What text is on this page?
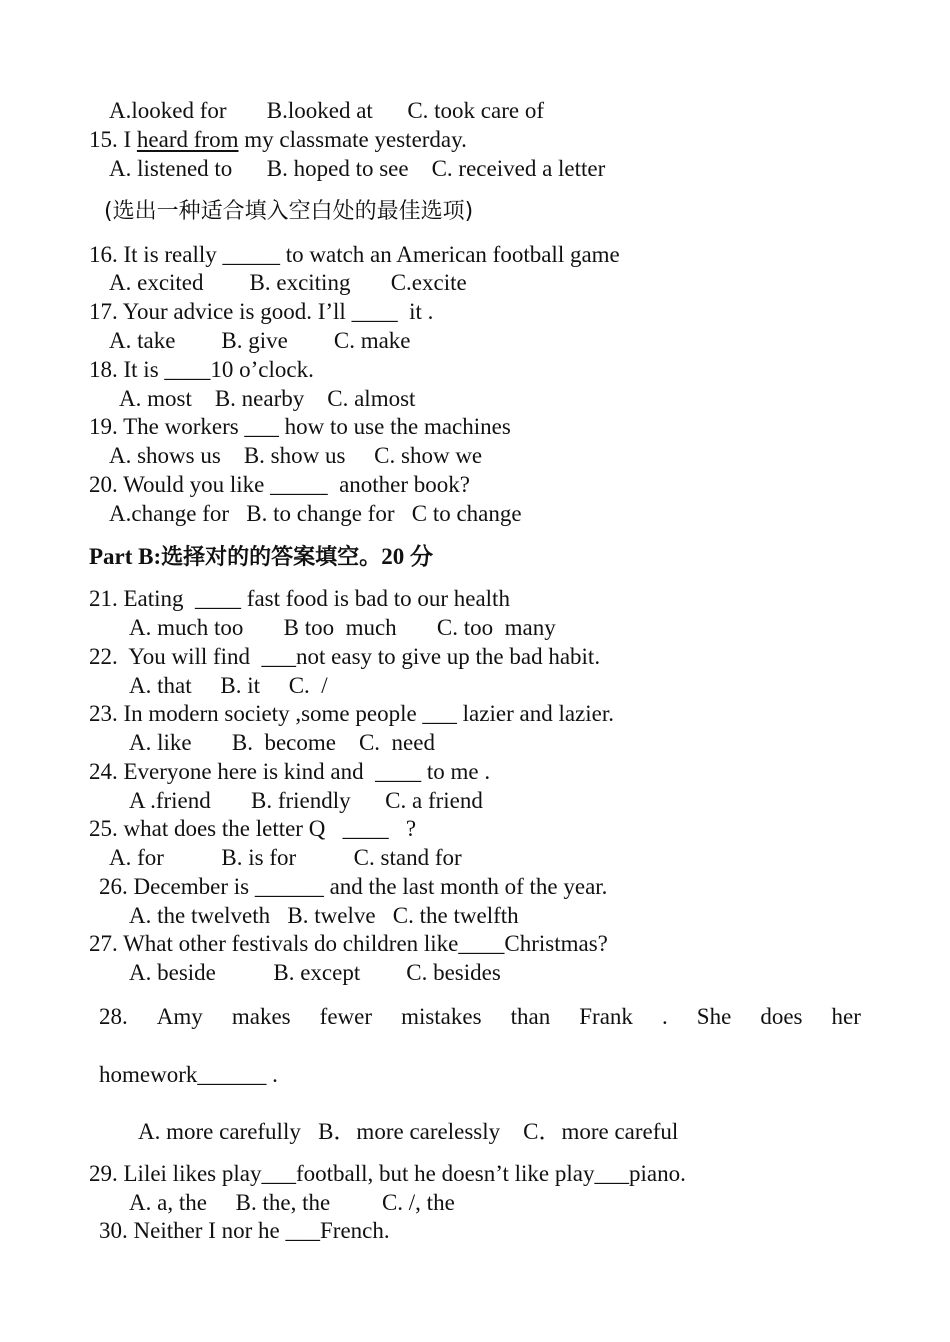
A.looked for       B.looked at      C. took care of
15. I heard from my classmate yesterday.
A. listened to      B. hoped to see    C. received a letter
(选出一种适合填入空白处的最佳选项)
16. It is really _____ to watch an American football game
A. excited        B. exciting       C.excite
17. Your advice is good. I’ll ____  it .
A. take        B. give        C. make
18. It is ____10 o’clock.
A. most    B. nearby    C. almost
19. The workers ___ how to use the machines
A. shows us    B. show us     C. show we
20. Would you like _____  another book?
A.change for   B. to change for   C to change
Part B:选择对的的答案填空。20 分
21. Eating  ____ fast food is bad to our health
A. much too       B too  much       C. too  many
22.  You will find  ___not easy to give up the bad habit.
A. that     B. it     C.  /
23. In modern society ,some people ___ lazier and lazier.
A. like       B.  become    C.  need
24. Everyone here is kind and  ____ to me .
A .friend       B. friendly      C. a friend
25. what does the letter Q   ____   ?
A. for          B. is for          C. stand for
26. December is ______ and the last month of the year.
A. the twelveth   B. twelve   C. the twelfth
27. What other festivals do children like____Christmas?
A. beside          B. except        C. besides
28. Amy makes fewer mistakes than Frank . She does her
homework______ .
A. more carefully   B．more carelessly    C．more careful
29. Lilei likes play___football, but he doesn’t like play___piano.
A. a, the     B. the, the         C. /, the
30. Neither I nor he ___French.
